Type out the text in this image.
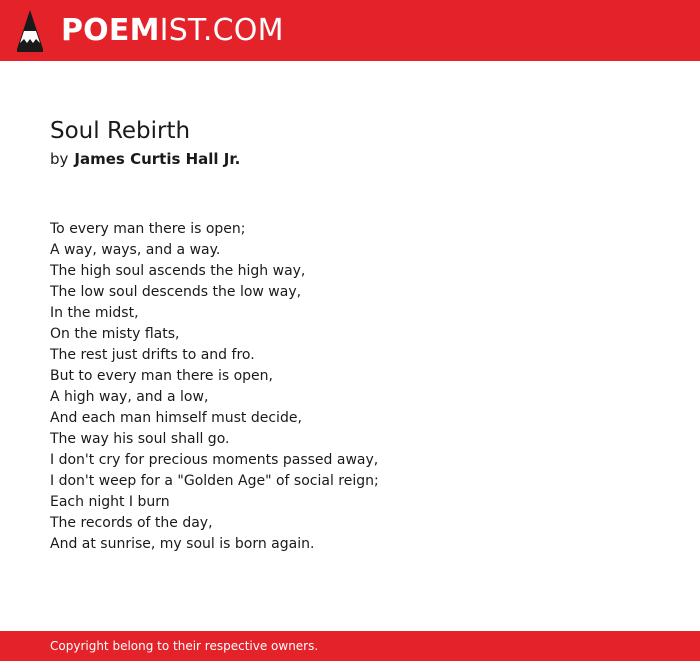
POEMIST.COM
Soul Rebirth
by James Curtis Hall Jr.
To every man there is open;
A way, ways, and a way.
The high soul ascends the high way,
The low soul descends the low way,
In the midst,
On the misty flats,
The rest just drifts to and fro.
But to every man there is open,
A high way, and a low,
And each man himself must decide,
The way his soul shall go.
I don't cry for precious moments passed away,
I don't weep for a "Golden Age" of social reign;
Each night I burn
The records of the day,
And at sunrise, my soul is born again.
Copyright belong to their respective owners.
